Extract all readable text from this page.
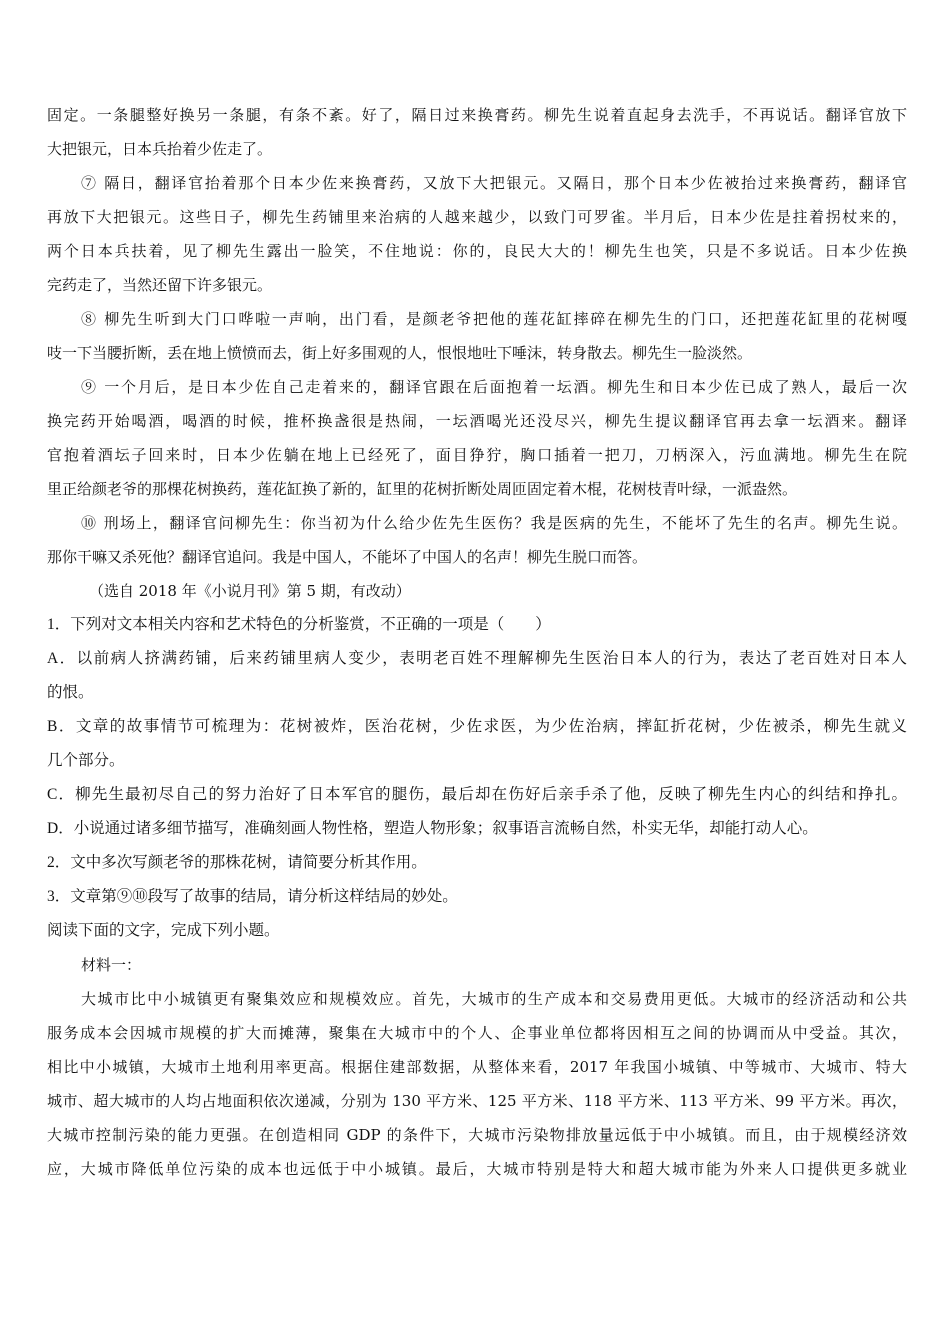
固定。一条腿整好换另一条腿，有条不紊。好了，隔日过来换膏药。柳先生说着直起身去洗手，不再说话。翻译官放下
大把银元，日本兵抬着少佐走了。
⑦ 隔日，翻译官抬着那个日本少佐来换膏药，又放下大把银元。又隔日，那个日本少佐被抬过来换膏药，翻译官
再放下大把银元。这些日子，柳先生药铺里来治病的人越来越少，以致门可罗雀。半月后，日本少佐是拄着拐杖来的，
两个日本兵扶着，见了柳先生露出一脸笑，不住地说：你的，良民大大的！柳先生也笑，只是不多说话。日本少佐换
完药走了，当然还留下许多银元。
⑧ 柳先生听到大门口哗啦一声响，出门看，是颜老爷把他的莲花缸摔碎在柳先生的门口，还把莲花缸里的花树嘎
吱一下当腰折断，丢在地上愤愤而去，街上好多围观的人，恨恨地吐下唾沫，转身散去。柳先生一脸淡然。
⑨ 一个月后，是日本少佐自己走着来的，翻译官跟在后面抱着一坛酒。柳先生和日本少佐已成了熟人，最后一次
换完药开始喝酒，喝酒的时候，推杯换盏很是热闹，一坛酒喝光还没尽兴，柳先生提议翻译官再去拿一坛酒来。翻译
官抱着酒坛子回来时，日本少佐躺在地上已经死了，面目狰狞，胸口插着一把刀，刀柄深入，污血满地。柳先生在院
里正给颜老爷的那棵花树换药，莲花缸换了新的，缸里的花树折断处周匝固定着木棍，花树枝青叶绿，一派盎然。
⑩ 刑场上，翻译官问柳先生：你当初为什么给少佐先生医伤？我是医病的先生，不能坏了先生的名声。柳先生说。
那你干嘛又杀死他？翻译官追问。我是中国人，不能坏了中国人的名声！柳先生脱口而答。
（选自 2018 年《小说月刊》第 5 期，有改动）
1．下列对文本相关内容和艺术特色的分析鉴赏，不正确的一项是（　　）
A．以前病人挤满药铺，后来药铺里病人变少，表明老百姓不理解柳先生医治日本人的行为，表达了老百姓对日本人
的恨。
B．文章的故事情节可梳理为：花树被炸，医治花树，少佐求医，为少佐治病，摔缸折花树，少佐被杀，柳先生就义
几个部分。
C．柳先生最初尽自己的努力治好了日本军官的腿伤，最后却在伤好后亲手杀了他，反映了柳先生内心的纠结和挣扎。
D．小说通过诸多细节描写，准确刻画人物性格，塑造人物形象；叙事语言流畅自然，朴实无华，却能打动人心。
2．文中多次写颜老爷的那株花树，请简要分析其作用。
3．文章第⑨⑩段写了故事的结局，请分析这样结局的妙处。
阅读下面的文字，完成下列小题。
材料一：
大城市比中小城镇更有聚集效应和规模效应。首先，大城市的生产成本和交易费用更低。大城市的经济活动和公共
服务成本会因城市规模的扩大而摊薄，聚集在大城市中的个人、企事业单位都将因相互之间的协调而从中受益。其次，
相比中小城镇，大城市土地利用率更高。根据住建部数据，从整体来看，2017 年我国小城镇、中等城市、大城市、特大
城市、超大城市的人均占地面积依次递减，分别为 130 平方米、125 平方米、118 平方米、113 平方米、99 平方米。再次，
大城市控制污染的能力更强。在创造相同 GDP 的条件下，大城市污染物排放量远低于中小城镇。而且，由于规模经济效
应，大城市降低单位污染的成本也远低于中小城镇。最后，大城市特别是特大和超大城市能为外来人口提供更多就业
